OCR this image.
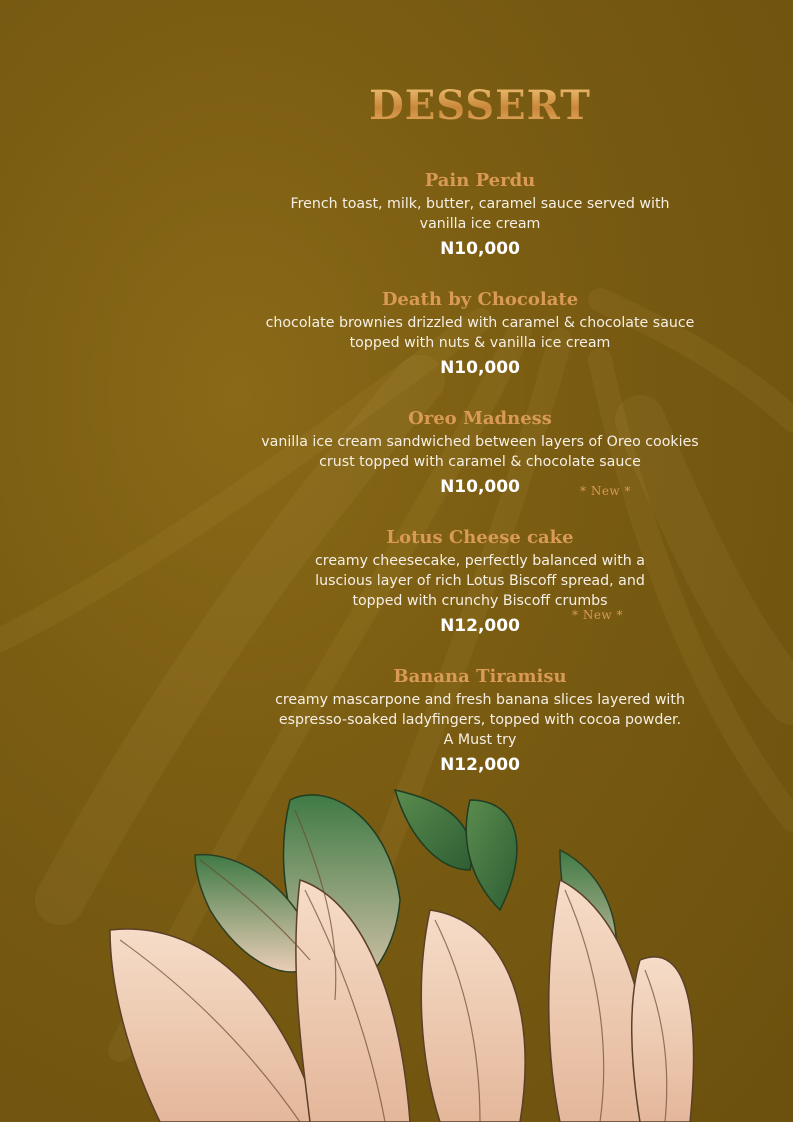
DESSERT
Pain Perdu
French toast, milk, butter, caramel sauce served with vanilla ice cream
N10,000
Death by Chocolate
chocolate brownies drizzled with caramel & chocolate sauce topped with nuts & vanilla ice cream
N10,000
Oreo Madness
vanilla ice cream sandwiched between layers of Oreo cookies crust topped with caramel & chocolate sauce
N10,000
Lotus Cheese cake
creamy cheesecake, perfectly balanced with a luscious layer of rich Lotus Biscoff spread, and topped with crunchy Biscoff crumbs
N12,000
Banana Tiramisu
creamy mascarpone and fresh banana slices layered with espresso-soaked ladyfingers, topped with cocoa powder. A Must try
N12,000
* New *
* New *
